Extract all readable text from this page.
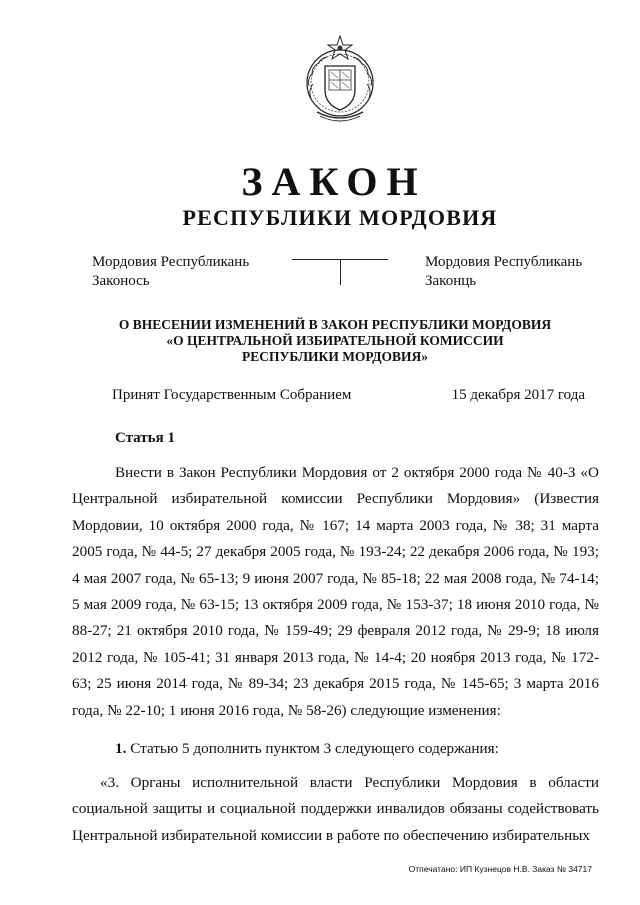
ЗАКОН
РЕСПУБЛИКИ МОРДОВИЯ
Мордовия Республикань
Законось
Мордовия Республикань
Законць
О ВНЕСЕНИИ ИЗМЕНЕНИЙ В ЗАКОН РЕСПУБЛИКИ МОРДОВИЯ
«О ЦЕНТРАЛЬНОЙ ИЗБИРАТЕЛЬНОЙ КОМИССИИ
РЕСПУБЛИКИ МОРДОВИЯ»
Принят Государственным Собранием	15 декабря 2017 года
Статья 1

Внести в Закон Республики Мордовия от 2 октября 2000 года № 40-З «О Центральной избирательной комиссии Республики Мордовия» (Известия Мордовии, 10 октября 2000 года, № 167; 14 марта 2003 года, № 38; 31 марта 2005 года, № 44-5; 27 декабря 2005 года, № 193-24; 22 декабря 2006 года, № 193; 4 мая 2007 года, № 65-13; 9 июня 2007 года, № 85-18; 22 мая 2008 года, № 74-14; 5 мая 2009 года, № 63-15; 13 октября 2009 года, № 153-37; 18 июня 2010 года, № 88-27; 21 октября 2010 года, № 159-49; 29 февраля 2012 года, № 29-9; 18 июля 2012 года, № 105-41; 31 января 2013 года, № 14-4; 20 ноября 2013 года, № 172-63; 25 июня 2014 года, № 89-34; 23 декабря 2015 года, № 145-65; 3 марта 2016 года, № 22-10; 1 июня 2016 года, № 58-26) следующие изменения:

1. Статью 5 дополнить пунктом 3 следующего содержания:

«3. Органы исполнительной власти Республики Мордовия в области социальной защиты и социальной поддержки инвалидов обязаны содействовать Центральной избирательной комиссии в работе по обеспечению избирательных

Отпечатано: ИП Кузнецов Н.В. Заказ № 34717
